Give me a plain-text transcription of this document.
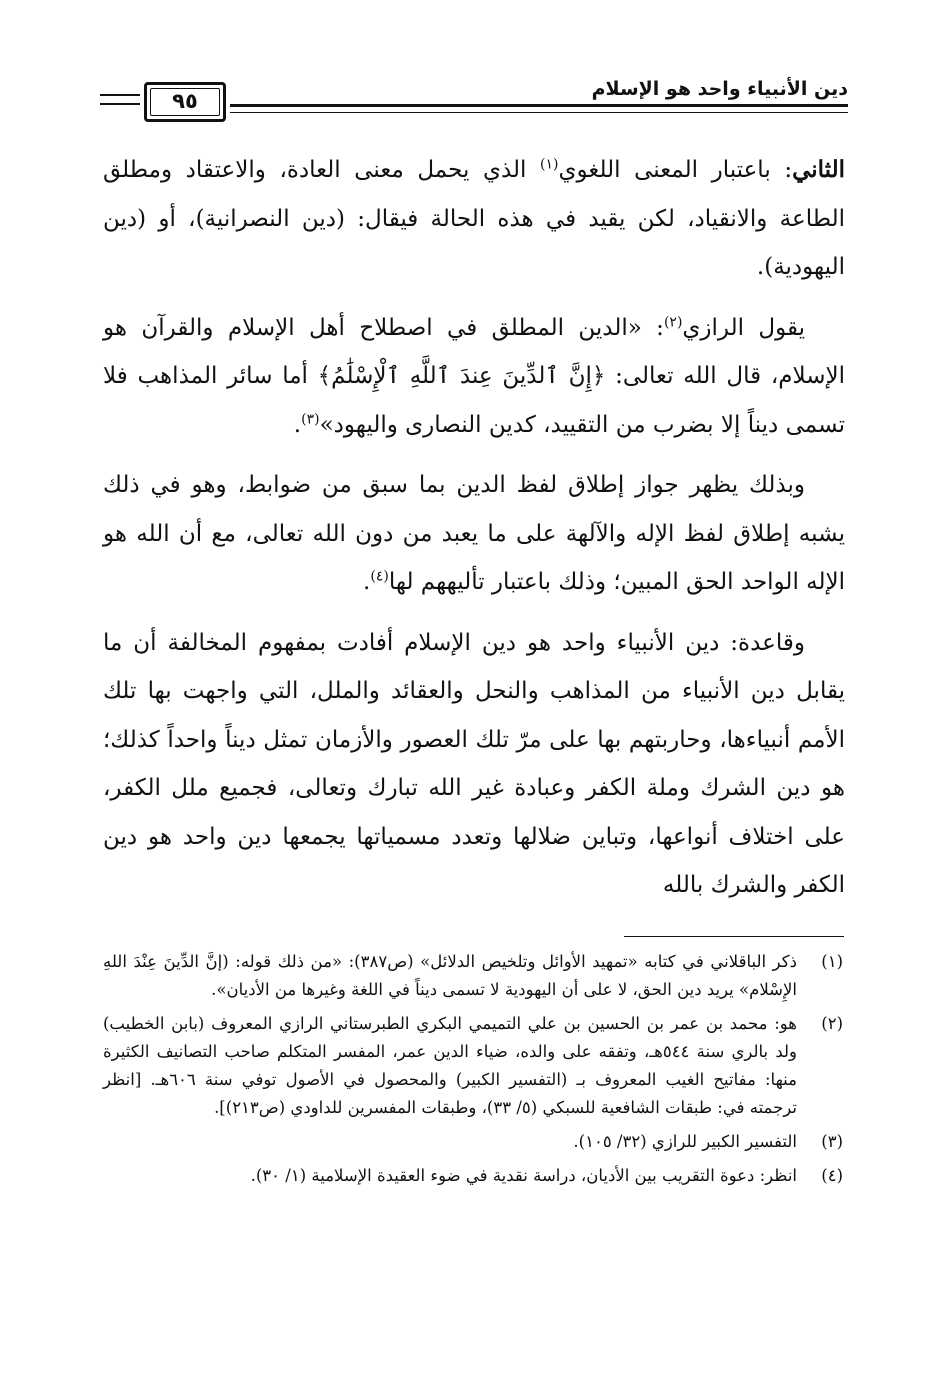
٩٥	دين الأنبياء واحد هو الإسلام

الثاني: باعتبار المعنى اللغوي$^{(١)}$ الذي يحمل معنى العادة، والاعتقاد ومطلق الطاعة والانقياد، لكن يقيد في هذه الحالة فيقال: (دين النصرانية)، أو (دين اليهودية).

يقول الرازي$^{(٢)}$: «الدين المطلق في اصطلاح أهل الإسلام والقرآن هو الإسلام، قال الله تعالى: ﴿إِنَّ ٱلدِّينَ عِندَ ٱللَّهِ ٱلْإِسْلَٰمُ﴾ أما سائر المذاهب فلا تسمى ديناً إلا بضرب من التقييد، كدين النصارى واليهود»$^{(٣)}$.

وبذلك يظهر جواز إطلاق لفظ الدين بما سبق من ضوابط، وهو في ذلك يشبه إطلاق لفظ الإله والآلهة على ما يعبد من دون الله تعالى، مع أن الله هو الإله الواحد الحق المبين؛ وذلك باعتبار تأليههم لها$^{(٤)}$.

وقاعدة: دين الأنبياء واحد هو دين الإسلام أفادت بمفهوم المخالفة أن ما يقابل دين الأنبياء من المذاهب والنحل والعقائد والملل، التي واجهت بها تلك الأمم أنبياءها، وحاربتهم بها على مرّ تلك العصور والأزمان تمثل ديناً واحداً كذلك؛ هو دين الشرك وملة الكفر وعبادة غير الله تبارك وتعالى، فجميع ملل الكفر، على اختلاف أنواعها، وتباين ضلالها وتعدد مسمياتها يجمعها دين واحد هو دين الكفر والشرك بالله

(١)
ذكر الباقلاني في كتابه «تمهيد الأوائل وتلخيص الدلائل» (ص٣٨٧): «من ذلك قوله: (إنَّ الدِّينَ عِنْدَ اللهِ الإِسْلام» يريد دين الحق، لا على أن اليهودية لا تسمى ديناً في اللغة وغيرها من الأديان».
(٢)
هو: محمد بن عمر بن الحسين بن علي التميمي البكري الطبرستاني الرازي المعروف (بابن الخطيب) ولد بالري سنة ٥٤٤هـ، وتفقه على والده، ضياء الدين عمر، المفسر المتكلم صاحب التصانيف الكثيرة منها: مفاتيح الغيب المعروف بـ (التفسير الكبير) والمحصول في الأصول توفي سنة ٦٠٦هـ. [انظر ترجمته في: طبقات الشافعية للسبكي (٥/ ٣٣)، وطبقات المفسرين للداودي (ص٢١٣)].
(٣)
التفسير الكبير للرازي (٣٢/ ١٠٥).
(٤)
انظر: دعوة التقريب بين الأديان، دراسة نقدية في ضوء العقيدة الإسلامية (١/ ٣٠).
